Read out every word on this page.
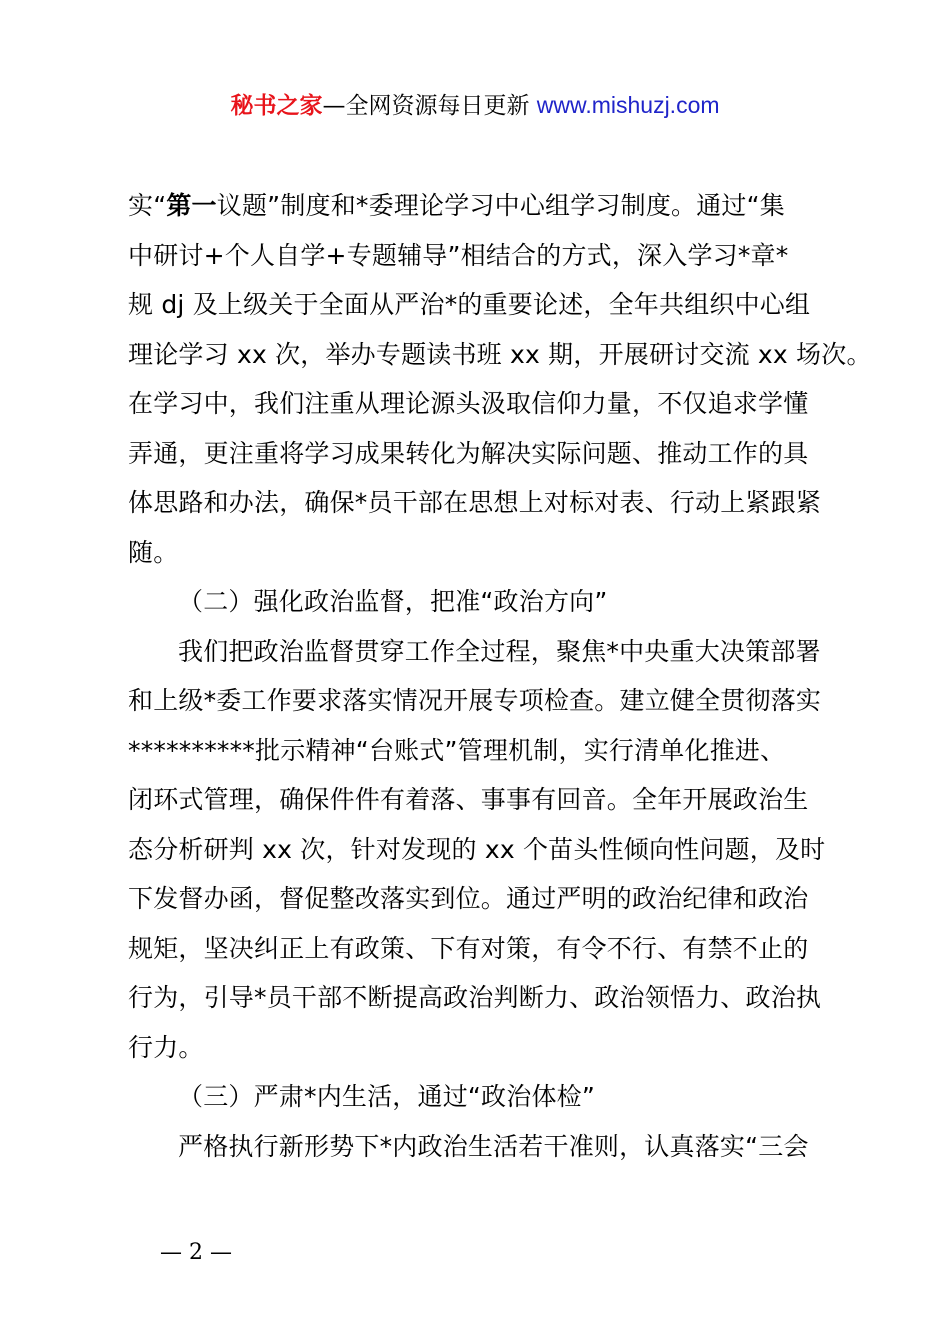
秘书之家—全网资源每日更新 www.mishuzj.com
实“第一议题”制度和*委理论学习中心组学习制度。通过“集
中研讨+个人自学+专题辅导”相结合的方式，深入学习*章*
规 dj 及上级关于全面从严治*的重要论述，全年共组织中心组
理论学习 xx 次，举办专题读书班 xx 期，开展研讨交流 xx 场次。
在学习中，我们注重从理论源头汲取信仰力量，不仅追求学懂
弄通，更注重将学习成果转化为解决实际问题、推动工作的具
体思路和办法，确保*员干部在思想上对标对表、行动上紧跟紧
随。
（二）强化政治监督，把准“政治方向”
我们把政治监督贯穿工作全过程，聚焦*中央重大决策部署
和上级*委工作要求落实情况开展专项检查。建立健全贯彻落实
**********批示精神“台账式”管理机制，实行清单化推进、
闭环式管理，确保件件有着落、事事有回音。全年开展政治生
态分析研判 xx 次，针对发现的 xx 个苗头性倾向性问题，及时
下发督办函，督促整改落实到位。通过严明的政治纪律和政治
规矩，坚决纠正上有政策、下有对策，有令不行、有禁不止的
行为，引导*员干部不断提高政治判断力、政治领悟力、政治执
行力。
（三）严肃*内生活，通过“政治体检”
严格执行新形势下*内政治生活若干准则，认真落实“三会
— 2 —
